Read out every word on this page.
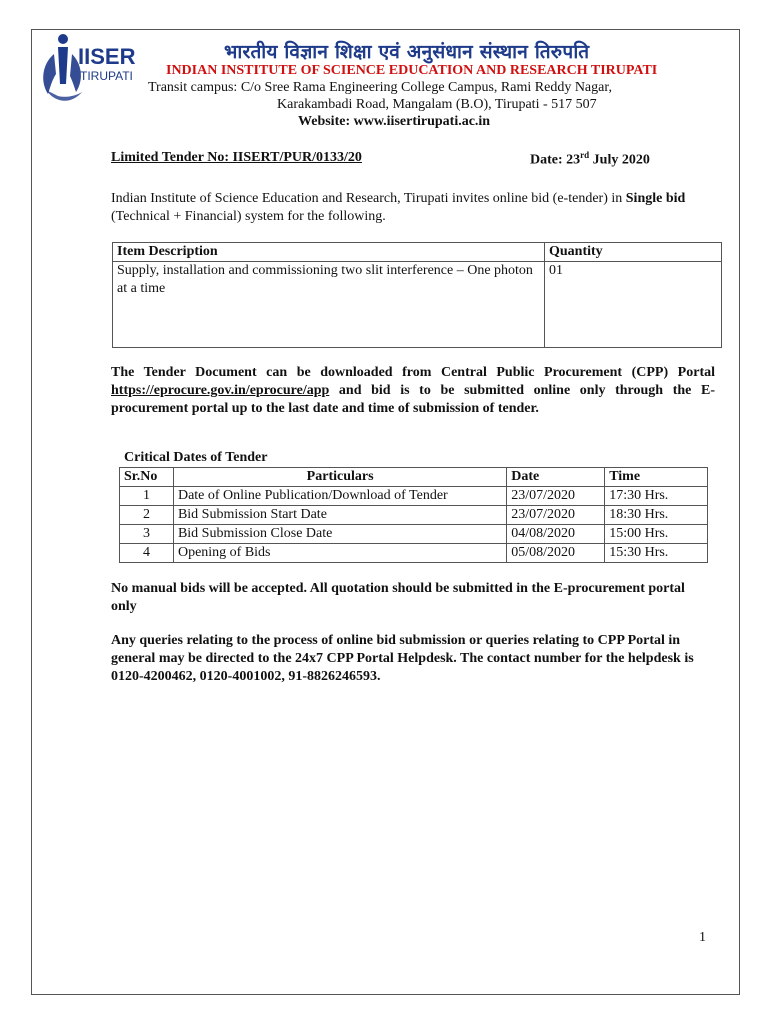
IISER
TIRUPATI
भारतीय विज्ञान शिक्षा एवं अनुसंधान संस्थान तिरुपति
INDIAN INSTITUTE OF SCIENCE EDUCATION AND RESEARCH TIRUPATI
Transit campus: C/o Sree Rama Engineering College Campus, Rami Reddy Nagar,
Karakambadi Road, Mangalam (B.O), Tirupati - 517 507
Website: www.iisertirupati.ac.in
Limited Tender No: IISERT/PUR/0133/20	Date: 23rd July 2020
Indian Institute of Science Education and Research, Tirupati invites online bid (e-tender) in Single bid (Technical + Financial) system for the following.
Item Description	Quantity
Supply, installation and commissioning two slit interference – One photon at a time	01
The Tender Document can be downloaded from Central Public Procurement (CPP) Portal https://eprocure.gov.in/eprocure/app and bid is to be submitted online only through the E-procurement portal up to the last date and time of submission of tender.
Critical Dates of Tender
Sr.No	Particulars	Date	Time
1	Date of Online Publication/Download of Tender	23/07/2020	17:30 Hrs.
2	Bid Submission Start Date	23/07/2020	18:30 Hrs.
3	Bid Submission Close Date	04/08/2020	15:00 Hrs.
4	Opening of Bids	05/08/2020	15:30 Hrs.
No manual bids will be accepted. All quotation should be submitted in the E-procurement portal only
Any queries relating to the process of online bid submission or queries relating to CPP Portal in general may be directed to the 24x7 CPP Portal Helpdesk. The contact number for the helpdesk is 0120-4200462, 0120-4001002, 91-8826246593.
1
